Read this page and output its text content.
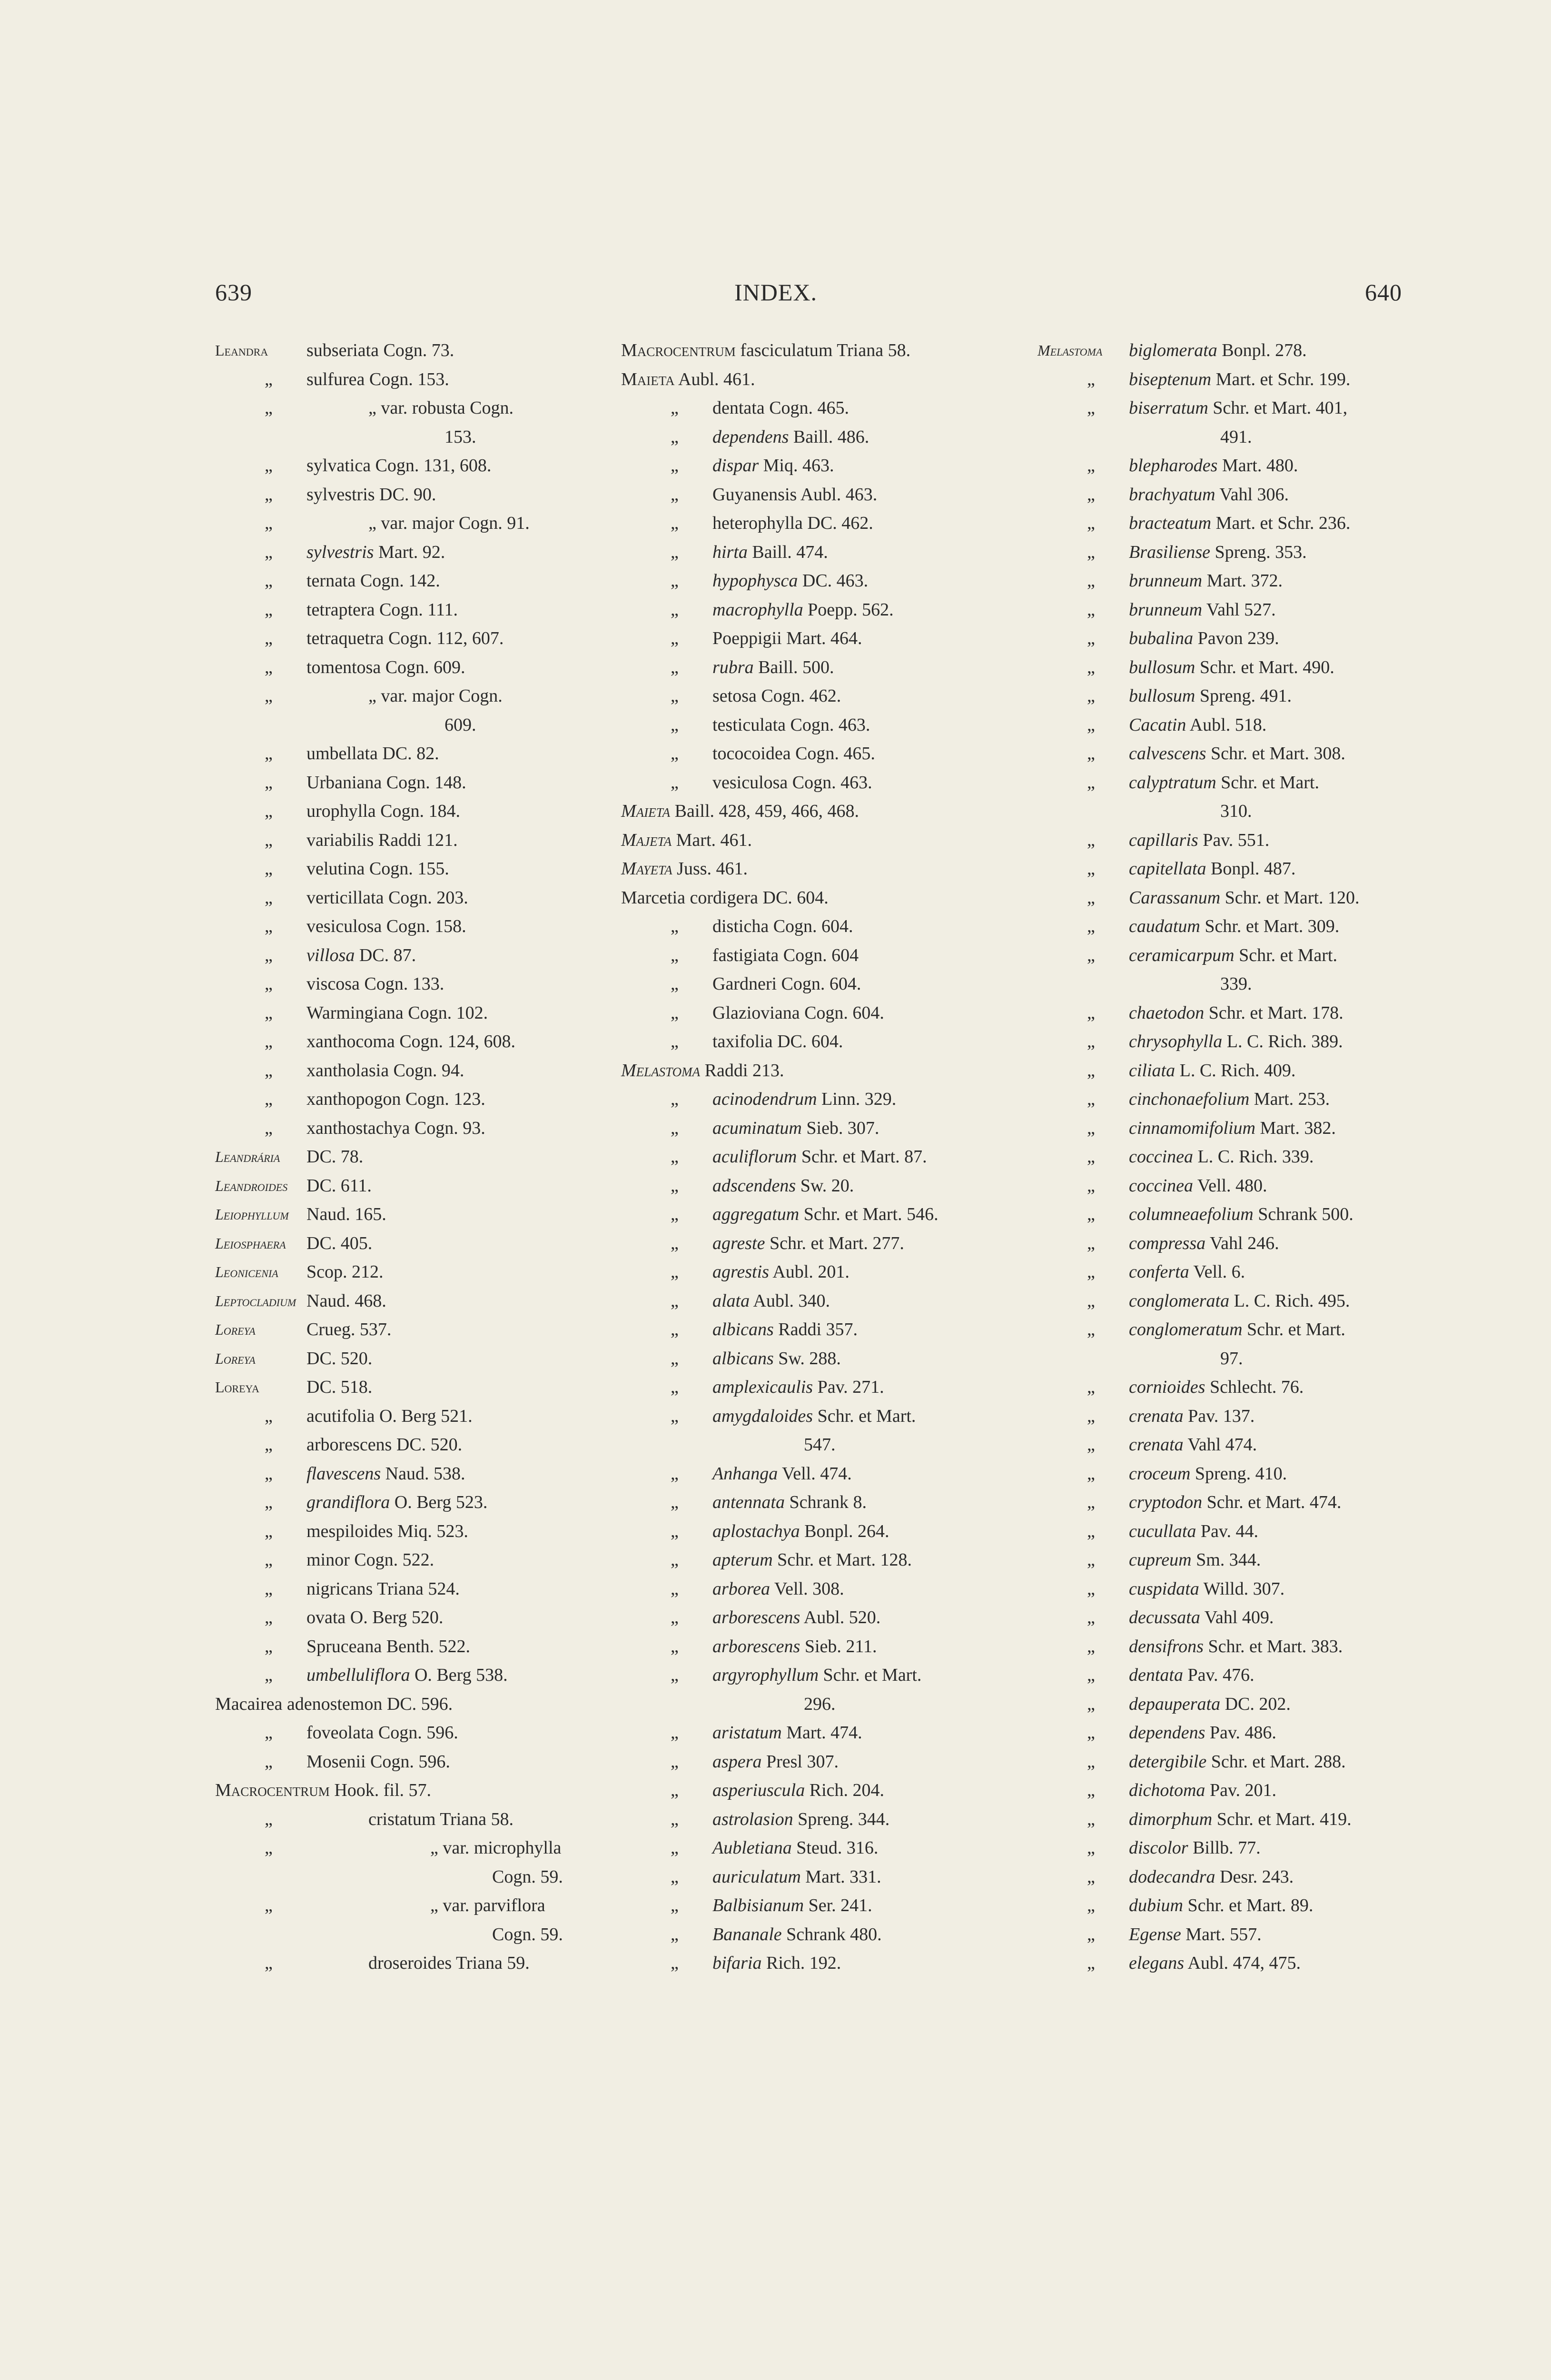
639	INDEX.	640
Leandra	subseriata Cogn. 73.
„	sulfurea Cogn. 153.
„	„ var. robusta Cogn.
153.
„	sylvatica Cogn. 131, 608.
„	sylvestris DC. 90.
„	„ var. major Cogn. 91.
„	sylvestris Mart. 92.
„	ternata Cogn. 142.
„	tetraptera Cogn. 111.
„	tetraquetra Cogn. 112, 607.
„	tomentosa Cogn. 609.
„	„ var. major Cogn.
609.
„	umbellata DC. 82.
„	Urbaniana Cogn. 148.
„	urophylla Cogn. 184.
„	variabilis Raddi 121.
„	velutina Cogn. 155.
„	verticillata Cogn. 203.
„	vesiculosa Cogn. 158.
„	villosa DC. 87.
„	viscosa Cogn. 133.
„	Warmingiana Cogn. 102.
„	xanthocoma Cogn. 124, 608.
„	xantholasia Cogn. 94.
„	xanthopogon Cogn. 123.
„	xanthostachya Cogn. 93.
Leandrária	DC. 78.
Leandroides	DC. 611.
Leiophyllum Naud. 165.
Leiosphaera	DC. 405.
Leonicenia	Scop. 212.
Leptocladium Naud. 468.
Loreya	Crueg. 537.
Loreya	DC. 520.
Loreya	DC. 518.
„	acutifolia O. Berg 521.
„	arborescens DC. 520.
„	flavescens Naud. 538.
„	grandiflora O. Berg 523.
„	mespiloides Miq. 523.
„	minor Cogn. 522.
„	nigricans Triana 524.
„	ovata O. Berg 520.
„	Spruceana Benth. 522.
„	umbelluliflora O. Berg 538.
Macairea adenostemon DC. 596.
„	foveolata Cogn. 596.
„	Mosenii Cogn. 596.
Macrocentrum Hook. fil. 57.
„	cristatum Triana 58.
„	„ var. microphylla
Cogn. 59.
„	„ var. parviflora
Cogn. 59.
„	droseroides Triana 59.
Macrocentrum fasciculatum Triana 58.
Maieta Aubl. 461.
„	dentata Cogn. 465.
„	dependens Baill. 486.
„	dispar Miq. 463.
„	Guyanensis Aubl. 463.
„	heterophylla DC. 462.
„	hirta Baill. 474.
„	hypophysca DC. 463.
„	macrophylla Poepp. 562.
„	Poeppigii Mart. 464.
„	rubra Baill. 500.
„	setosa Cogn. 462.
„	testiculata Cogn. 463.
„	tococoidea Cogn. 465.
„	vesiculosa Cogn. 463.
Maieta Baill. 428, 459, 466, 468.
Majeta Mart. 461.
Mayeta Juss. 461.
Marcetia cordigera DC. 604.
„	disticha Cogn. 604.
„	fastigiata Cogn. 604
„	Gardneri Cogn. 604.
„	Glazioviana Cogn. 604.
„	taxifolia DC. 604.
Melastoma Raddi 213.
„	acinodendrum Linn. 329.
„	acuminatum Sieb. 307.
„	aculiflorum Schr. et Mart. 87.
„	adscendens Sw. 20.
„	aggregatum Schr. et Mart. 546.
„	agreste Schr. et Mart. 277.
„	agrestis Aubl. 201.
„	alata Aubl. 340.
„	albicans Raddi 357.
„	albicans Sw. 288.
„	amplexicaulis Pav. 271.
„	amygdaloides Schr. et Mart.
547.
„	Anhanga Vell. 474.
„	antennata Schrank 8.
„	aplostachya Bonpl. 264.
„	apterum Schr. et Mart. 128.
„	arborea Vell. 308.
„	arborescens Aubl. 520.
„	arborescens Sieb. 211.
„	argyrophyllum Schr. et Mart.
296.
„	aristatum Mart. 474.
„	aspera Presl 307.
„	asperiuscula Rich. 204.
„	astrolasion Spreng. 344.
„	Aubletiana Steud. 316.
„	auriculatum Mart. 331.
„	Balbisianum Ser. 241.
„	Bananale Schrank 480.
„	bifaria Rich. 192.
Melastoma	biglomerata Bonpl. 278.
„	biseptenum Mart. et Schr. 199.
„	biserratum Schr. et Mart. 401,
491.
„	blepharodes Mart. 480.
„	brachyatum Vahl 306.
„	bracteatum Mart. et Schr. 236.
„	Brasiliense Spreng. 353.
„	brunneum Mart. 372.
„	brunneum Vahl 527.
„	bubalina Pavon 239.
„	bullosum Schr. et Mart. 490.
„	bullosum Spreng. 491.
„	Cacatin Aubl. 518.
„	calvescens Schr. et Mart. 308.
„	calyptratum Schr. et Mart.
310.
„	capillaris Pav. 551.
„	capitellata Bonpl. 487.
„	Carassanum Schr. et Mart. 120.
„	caudatum Schr. et Mart. 309.
„	ceramicarpum Schr. et Mart.
339.
„	chaetodon Schr. et Mart. 178.
„	chrysophylla L. C. Rich. 389.
„	ciliata L. C. Rich. 409.
„	cinchonaefolium Mart. 253.
„	cinnamomifolium Mart. 382.
„	coccinea L. C. Rich. 339.
„	coccinea Vell. 480.
„	columneaefolium Schrank 500.
„	compressa Vahl 246.
„	conferta Vell. 6.
„	conglomerata L. C. Rich. 495.
„	conglomeratum Schr. et Mart.
97.
„	cornioides Schlecht. 76.
„	crenata Pav. 137.
„	crenata Vahl 474.
„	croceum Spreng. 410.
„	cryptodon Schr. et Mart. 474.
„	cucullata Pav. 44.
„	cupreum Sm. 344.
„	cuspidata Willd. 307.
„	decussata Vahl 409.
„	densifrons Schr. et Mart. 383.
„	dentata Pav. 476.
„	depauperata DC. 202.
„	dependens Pav. 486.
„	detergibile Schr. et Mart. 288.
„	dichotoma Pav. 201.
„	dimorphum Schr. et Mart. 419.
„	discolor Billb. 77.
„	dodecandra Desr. 243.
„	dubium Schr. et Mart. 89.
„	Egense Mart. 557.
„	elegans Aubl. 474, 475.
